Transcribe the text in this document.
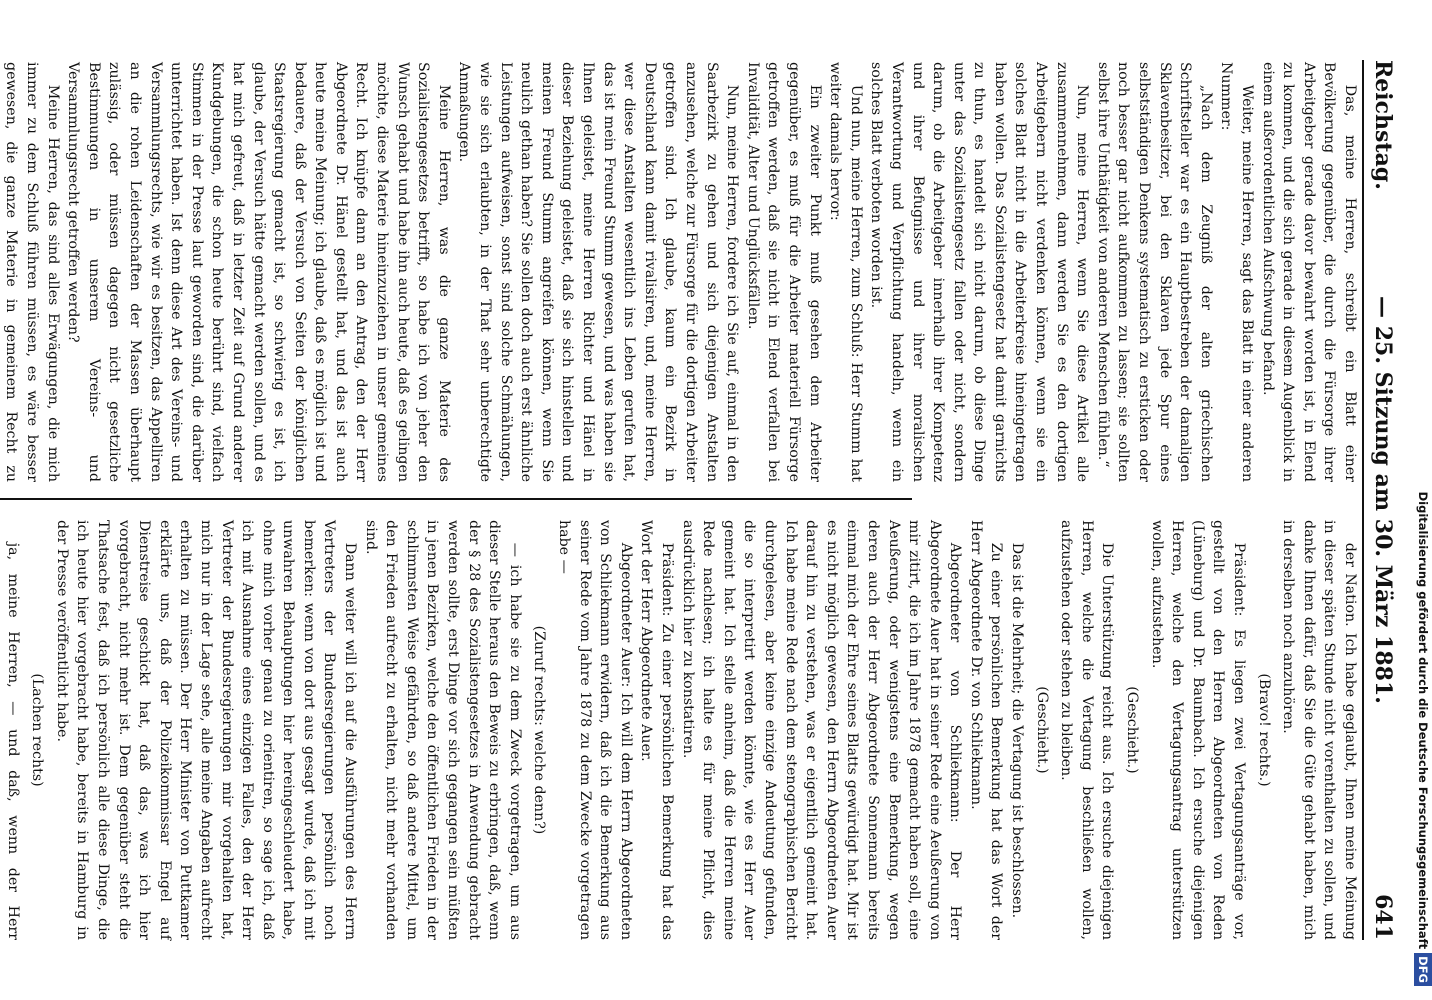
Reichstag.
— 25. Sitzung am 30. März 1881.
641

Das, meine Herren, schreibt ein Blatt einer Bevölkerung gegenüber, die durch die Fürsorge ihrer Arbeitgeber gerade davor bewahrt worden ist, in Elend zu kommen, und die sich gerade in diesem Augenblick in einem außerordentlichen Aufschwung befand.

Weiter, meine Herren, sagt das Blatt in einer anderen Nummer:

„Nach dem Zeugniß der alten griechischen Schriftsteller war es ein Hauptbestreben der damaligen Sklavenbesitzer, bei den Sklaven jede Spur eines selbstständigen Denkens systematisch zu ersticken oder noch besser gar nicht aufkommen zu lassen; sie sollten selbst ihre Unthätigkeit von anderen Menschen fühlen.“

Nun, meine Herren, wenn Sie diese Artikel alle zusammennehmen, dann werden Sie es den dortigen Arbeitgebern nicht verdenken können, wenn sie ein solches Blatt nicht in die Arbeiterkreise hineingetragen haben wollen. Das Sozialistengesetz hat damit garnichts zu thun, es handelt sich nicht darum, ob diese Dinge unter das Sozialistengesetz fallen oder nicht, sondern darum, ob die Arbeitgeber innerhalb ihrer Kompetenz und ihrer Befugnisse und ihrer moralischen Verantwortung und Verpflichtung handeln, wenn ein solches Blatt verboten worden ist.

Und nun, meine Herren, zum Schluß: Herr Stumm hat weiter damals hervor:

Ein zweiter Punkt muß gesehen dem Arbeiter gegenüber, es muß für die Arbeiter materiell Fürsorge getroffen werden, daß sie nicht in Elend verfallen bei Invalidität, Alter und Unglücksfällen.

Nun, meine Herren, fordere ich Sie auf, einmal in den Saarbezirk zu gehen und sich diejenigen Anstalten anzusehen, welche zur Fürsorge für die dortigen Arbeiter getroffen sind. Ich glaube, kaum ein Bezirk in Deutschland kann damit rivalisiren, und, meine Herren, wer diese Anstalten wesentlich ins Leben gerufen hat, das ist mein Freund Stumm gewesen, und was haben sie Ihnen geleistet, meine Herren Richter und Hänel in dieser Beziehung geleistet, daß sie sich hinstellen und meinen Freund Stumm angreifen können, wenn Sie neulich gethan haben? Sie sollen doch auch erst ähnliche Leistungen aufweisen, sonst sind solche Schmähungen, wie sie sich erlaubten, in der That sehr unberechtigte Anmaßungen.

Meine Herren, was die ganze Materie des Sozialistengesetzes betrifft, so habe ich von jeher den Wunsch gehabt und habe ihn auch heute, daß es gelingen möchte, diese Materie hineinzuziehen in unser gemeines Recht. Ich knüpfe dann an den Antrag, den der Herr Abgeordnete Dr. Hänel gestellt hat, und das ist auch heute meine Meinung; ich glaube, daß es möglich ist und bedauere, daß der Versuch von Seiten der königlichen Staatsregierung gemacht ist, so schwierig es ist, ich glaube, der Versuch hätte gemacht werden sollen, und es hat mich gefreut, daß in letzter Zeit auf Grund anderer Kundgebungen, die schon heute berührt sind, vielfach Stimmen in der Presse laut geworden sind, die darüber unterrichtet haben. Ist denn diese Art des Vereins- und Versammlungsrechts, wie wir es besitzen, das Appelliren an die rohen Leidenschaften der Massen überhaupt zulässig, oder müssen dagegen nicht gesetzliche Bestimmungen in unserem Vereins- und Versammlungsrecht getroffen werden?

Meine Herren, das sind alles Erwägungen, die mich immer zu dem Schluß führen müssen, es wäre besser gewesen, die ganze Materie in gemeinem Recht zu

der Nation. Ich habe geglaubt, Ihnen meine Meinung in dieser späten Stunde nicht vorenthalten zu sollen, und danke Ihnen dafür, daß Sie die Güte gehabt haben, mich in derselben noch anzuhören.

(Bravo! rechts.)

Präsident: Es liegen zwei Vertagungsanträge vor, gestellt von den Herren Abgeordneten von Reden (Lüneburg) und Dr. Baumbach. Ich ersuche diejenigen Herren, welche den Vertagungsantrag unterstützen wollen, aufzustehen.

(Geschieht.)

Die Unterstützung reicht aus. Ich ersuche diejenigen Herren, welche die Vertagung beschließen wollen, aufzustehen oder stehen zu bleiben.

(Geschieht.)

Das ist die Mehrheit; die Vertagung ist beschlossen.

Zu einer persönlichen Bemerkung hat das Wort der Herr Abgeordnete Dr. von Schliekmann.

Abgeordneter von Schliekmann: Der Herr Abgeordnete Auer hat in seiner Rede eine Aeußerung von mir zitirt, die ich im Jahre 1878 gemacht haben soll, eine Aeußerung, oder wenigstens eine Bemerkung, wegen deren auch der Herr Abgeordnete Sonnemann bereits einmal mich der Ehre seines Blatts gewürdigt hat. Mir ist es nicht möglich gewesen, den Herrn Abgeordneten Auer darauf hin zu verstehen, was er eigentlich gemeint hat. Ich habe meine Rede nach dem stenographischen Bericht durchgelesen, aber keine einzige Andeutung gefunden, die so interpretirt werden könnte, wie es Herr Auer gemeint hat. Ich stelle anheim, daß die Herren meine Rede nachlesen; ich halte es für meine Pflicht, dies ausdrücklich hier zu konstatiren.

Präsident: Zu einer persönlichen Bemerkung hat das Wort der Herr Abgeordnete Auer.

Abgeordneter Auer: Ich will dem Herrn Abgeordneten von Schliekmann erwidern, daß ich die Bemerkung aus seiner Rede vom Jahre 1878 zu dem Zwecke vorgetragen habe —

(Zuruf rechts: welche denn?)

— ich habe sie zu dem Zweck vorgetragen, um aus dieser Stelle heraus den Beweis zu erbringen, daß, wenn der § 28 des Sozialistengesetzes in Anwendung gebracht werden sollte, erst Dinge vor sich gegangen sein müßten in jenen Bezirken, welche den öffentlichen Frieden in der schlimmsten Weise gefährden, so daß andere Mittel, um den Frieden aufrecht zu erhalten, nicht mehr vorhanden sind.

Dann weiter will ich auf die Ausführungen des Herrn Vertreters der Bundesregierungen persönlich noch bemerken: wenn von dort aus gesagt wurde, daß ich mit unwahren Behauptungen hier hereingeschleudert habe, ohne mich vorher genau zu orientiren, so sage ich, daß ich mit Ausnahme eines einzigen Falles, den der Herr Vertreter der Bundesregierungen mir vorgehalten hat, mich nur in der Lage sehe, alle meine Angaben aufrecht erhalten zu müssen. Der Herr Minister von Puttkamer erklärte uns, daß der Polizeikommissar Engel auf Dienstreise geschickt hat, daß das, was ich hier vorgebracht, nicht mehr ist. Dem gegenüber steht die Thatsache fest, daß ich persönlich alle diese Dinge, die ich heute hier vorgebracht habe, bereits in Hamburg in der Presse veröffentlicht habe.

(Lachen rechts)

ja, meine Herren, — und daß, wenn der Herr	Digitalisierung gefördert durch die Deutsche ForschungsgemeinschaftDFG
